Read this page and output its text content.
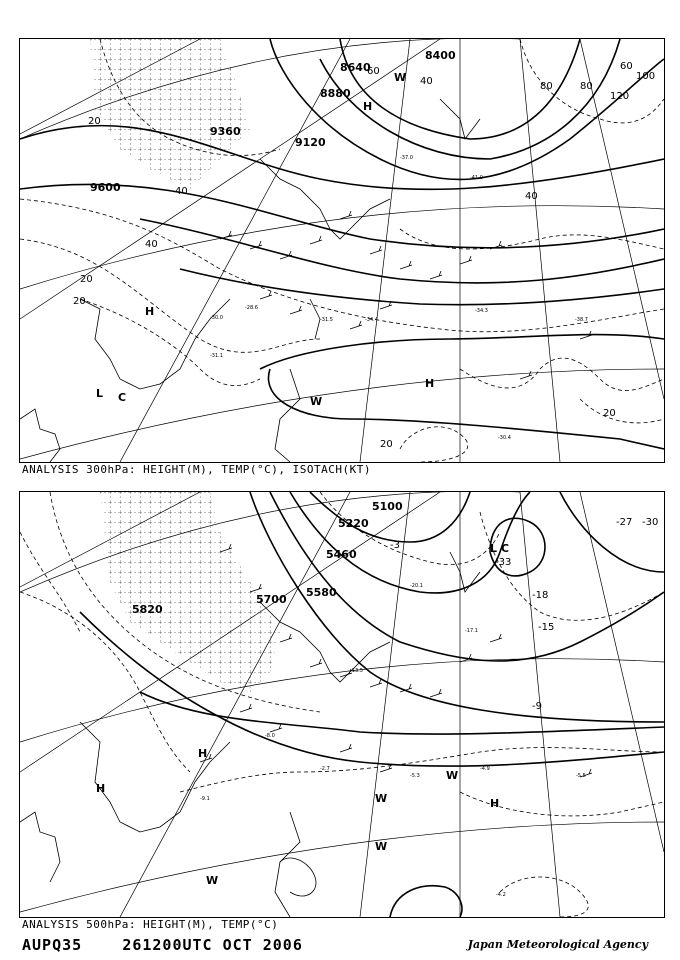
9600
9360
9120
8880
8640
8400
20
40
60
80
100
120
40
20
20
20
40
60
80
40
20
H
H
L C	W
H
W
-30.0
-31.1
-34.3
-38.7
-30.4
-28.6
-31.5	-34.4
-37.0
-41.0
ANALYSIS 300hPa: HEIGHT(M), TEMP(°C), ISOTACH(KT)
5100
5220
5460
5580
5700
5820
-33
-30
-27
-18
-15
-9
-3	L C
H
W
H
W
W
H
W
-4.2
-4.9
-5.5
-9.1
-2.7
-5.3
-8.0
-13.5
-17.1
-20.1
ANALYSIS 500hPa: HEIGHT(M), TEMP(°C)
AUPQ35	261200UTC OCT 2006	Japan Meteorological Agency
